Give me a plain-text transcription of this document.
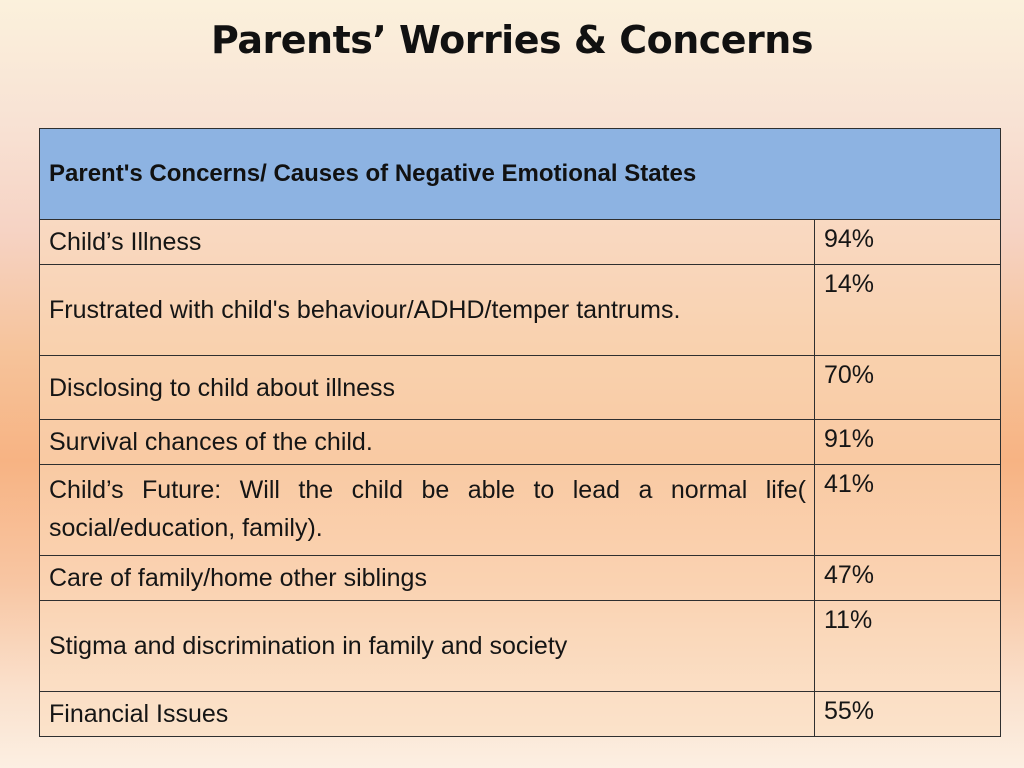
Parents’ Worries & Concerns
Parent's Concerns/ Causes of Negative Emotional States	
Child’s Illness	94%
Frustrated with child's behaviour/ADHD/temper tantrums.	14%
Disclosing to child about illness	70%
Survival chances of the child.	91%
Child’s Future: Will the child be able to lead a normal life( social/education, family).	41%
Care of family/home other siblings	47%
Stigma and discrimination in family and society	11%
Financial Issues	55%
